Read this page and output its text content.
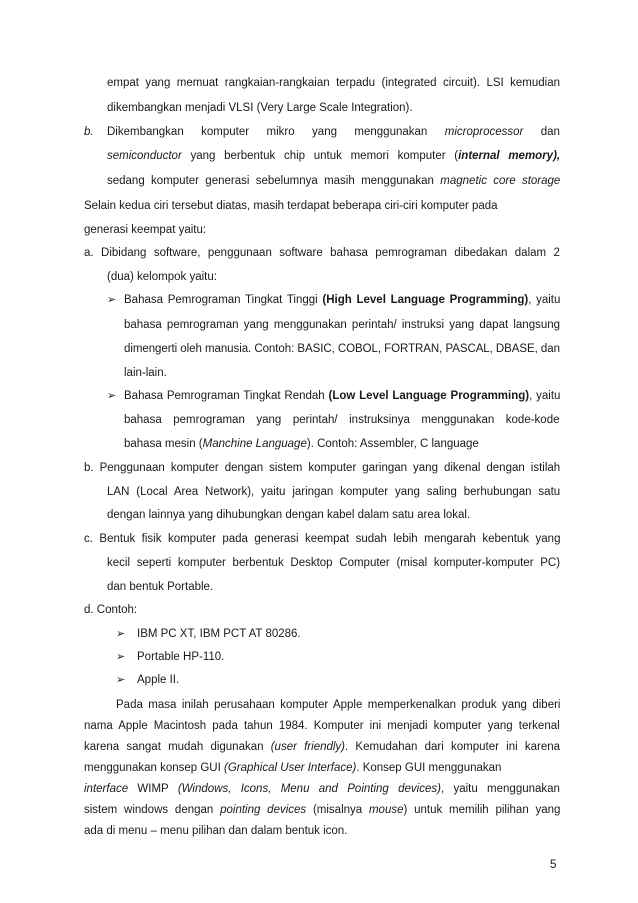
empat yang memuat rangkaian-rangkaian terpadu (integrated circuit). LSI kemudian
dikembangkan menjadi VLSI (Very Large Scale Integration).
b. Dikembangkan komputer mikro yang menggunakan microprocessor dan
semiconductor yang berbentuk chip untuk memori komputer (internal memory),
sedang komputer generasi sebelumnya masih menggunakan magnetic core storage
Selain kedua ciri tersebut diatas, masih terdapat beberapa ciri-ciri komputer pada
generasi keempat yaitu:
a. Dibidang software, penggunaan software bahasa pemrograman dibedakan dalam 2
(dua) kelompok yaitu:
➢ Bahasa Pemrograman Tingkat Tinggi (High Level Language Programming), yaitu
bahasa pemrograman yang menggunakan perintah/ instruksi yang dapat langsung
dimengerti oleh manusia. Contoh: BASIC, COBOL, FORTRAN, PASCAL, DBASE, dan
lain-lain.
➢ Bahasa Pemrograman Tingkat Rendah (Low Level Language Programming), yaitu
bahasa pemrograman yang perintah/ instruksinya menggunakan kode-kode
bahasa mesin (Manchine Language). Contoh: Assembler, C language
b. Penggunaan komputer dengan sistem komputer garingan yang dikenal dengan istilah
LAN (Local Area Network), yaitu jaringan komputer yang saling berhubungan satu
dengan lainnya yang dihubungkan dengan kabel dalam satu area lokal.
c. Bentuk fisik komputer pada generasi keempat sudah lebih mengarah kebentuk yang
kecil seperti komputer berbentuk Desktop Computer (misal komputer-komputer PC)
dan bentuk Portable.
d. Contoh:
➢ IBM PC XT, IBM PCT AT 80286.
➢ Portable HP-110.
➢ Apple II.
Pada masa inilah perusahaan komputer Apple memperkenalkan produk yang diberi
nama Apple Macintosh pada tahun 1984. Komputer ini menjadi komputer yang terkenal
karena sangat mudah digunakan (user friendly). Kemudahan dari komputer ini karena
menggunakan konsep GUI (Graphical User Interface). Konsep GUI menggunakan
interface WIMP (Windows, Icons, Menu and Pointing devices), yaitu menggunakan
sistem windows dengan pointing devices (misalnya mouse) untuk memilih pilihan yang
ada di menu – menu pilihan dan dalam bentuk icon.
5
